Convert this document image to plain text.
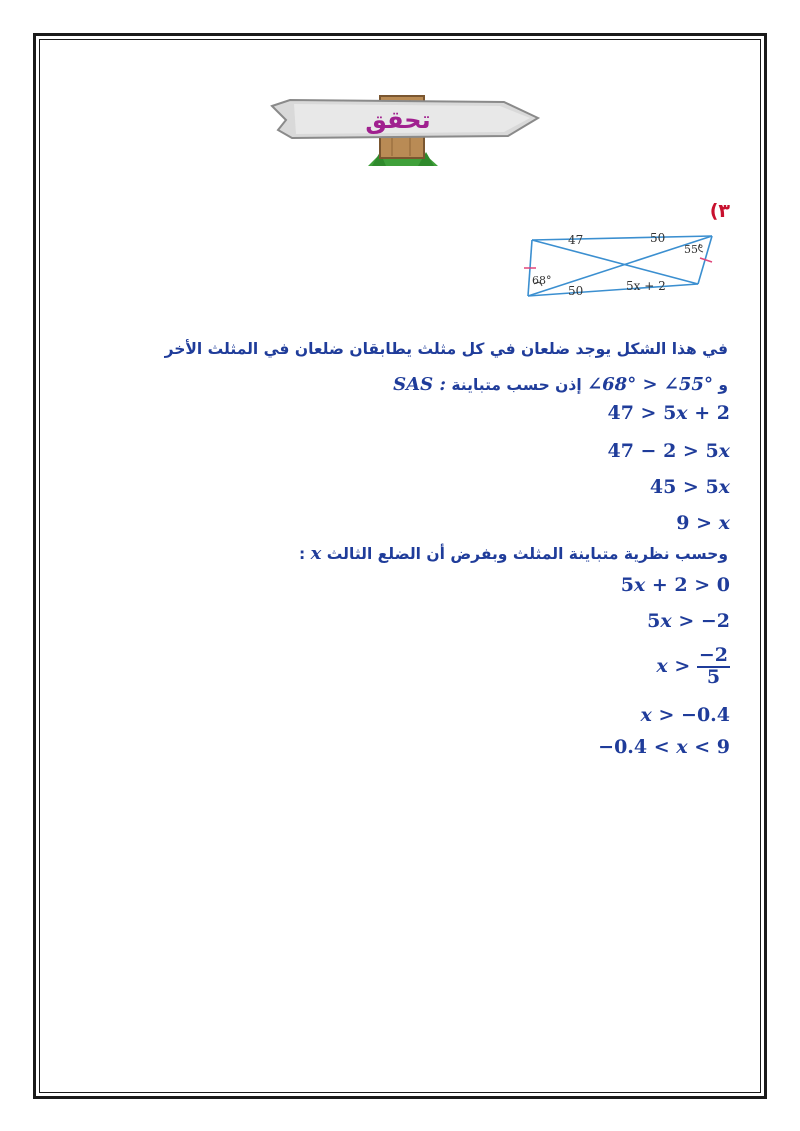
تحقق
(٣
47	50
50	5x + 2
68°
55°
في هذا الشكل يوجد ضلعان في كل مثلث يطابقان ضلعان في المثلث الأخر
و ∠68° > ∠55° إذن حسب متباينة SAS :
47 > 5x + 2
47 − 2 > 5x
45 > 5x
9 > x
وحسب نظرية متباينة المثلث وبفرض أن الضلع الثالث x :
5x + 2 > 0
5x > −2
$x > \frac{-2}{5}$
x > −0.4
−0.4 < x < 9
